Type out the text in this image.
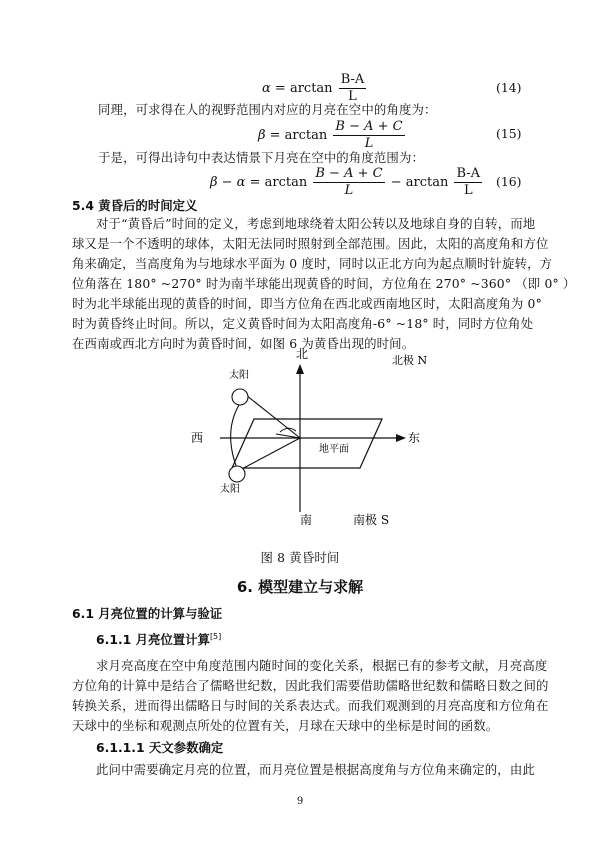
$\alpha = \arctan \frac{B-A}{L}$	(14)
同理，可求得在人的视野范围内对应的月亮在空中的角度为：
$\beta = \arctan \frac{B - A + C}{L}$	(15)
于是，可得出诗句中表达情景下月亮在空中的角度范围为：
$\beta - \alpha = \arctan \frac{B - A + C}{L} - \arctan \frac{B-A}{L} (16)$
5.4 黄昏后的时间定义
对于“黄昏后”时间的定义，考虑到地球绕着太阳公转以及地球自身的自转，而地
球又是一个不透明的球体，太阳无法同时照射到全部范围。因此，太阳的高度角和方位
角来确定，当高度角为与地球水平面为 0 度时，同时以正北方向为起点顺时针旋转，方
位角落在 180° ~270° 时为南半球能出现黄昏的时间，方位角在 270° ~360° （即 0° ）
时为北半球能出现的黄昏的时间，即当方位角在西北或西南地区时，太阳高度角为 0°
时为黄昏终止时间。所以，定义黄昏时间为太阳高度角-6° ~18° 时，同时方位角处
在西南或西北方向时为黄昏时间，如图 6 为黄昏出现的时间。
北	北极 N
太阳
西	东
地平面
太阳
南	南极 S
图 8 黄昏时间
6. 模型建立与求解
6.1 月亮位置的计算与验证
6.1.1 月亮位置计算[5]
求月亮高度在空中角度范围内随时间的变化关系，根据已有的参考文献，月亮高度
方位角的计算中是结合了儒略世纪数，因此我们需要借助儒略世纪数和儒略日数之间的
转换关系，进而得出儒略日与时间的关系表达式。而我们观测到的月亮高度和方位角在
天球中的坐标和观测点所处的位置有关，月球在天球中的坐标是时间的函数。
6.1.1.1 天文参数确定
此问中需要确定月亮的位置，而月亮位置是根据高度角与方位角来确定的，由此
9
